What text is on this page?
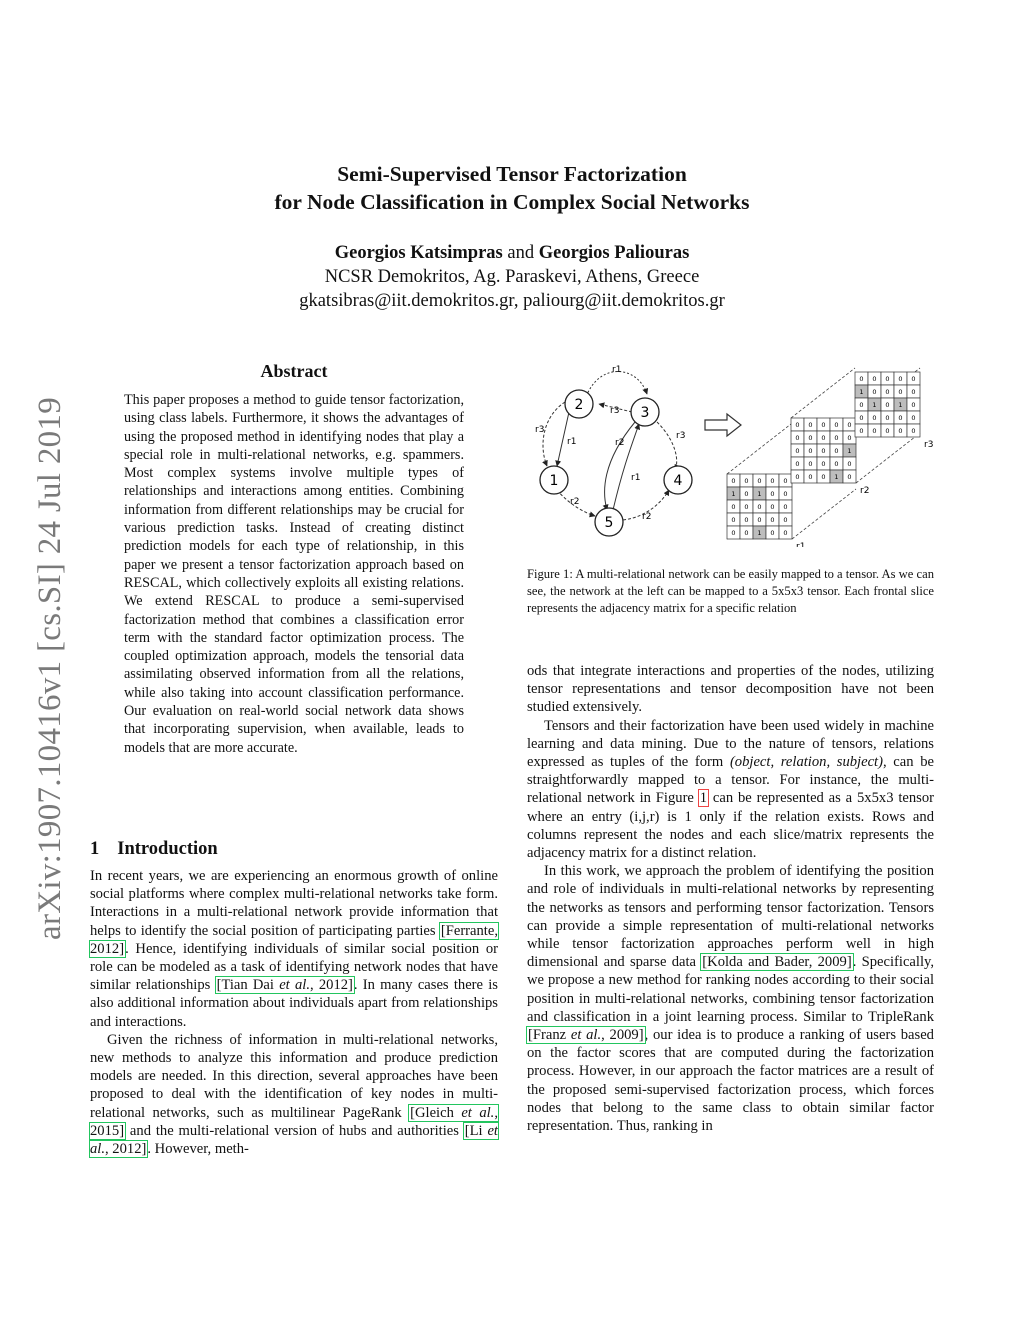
Semi-Supervised Tensor Factorization
for Node Classification in Complex Social Networks
Georgios Katsimpras and Georgios Paliouras
NCSR Demokritos, Ag. Paraskevi, Athens, Greece
gkatsibras@iit.demokritos.gr, paliourg@iit.demokritos.gr
arXiv:1907.10416v1 [cs.SI] 24 Jul 2019
Abstract
This paper proposes a method to guide tensor factorization, using class labels. Furthermore, it shows the advantages of using the proposed method in identifying nodes that play a special role in multi-relational networks, e.g. spammers. Most complex systems involve multiple types of relationships and interactions among entities. Combining information from different relationships may be crucial for various prediction tasks. Instead of creating distinct prediction models for each type of relationship, in this paper we present a tensor factorization approach based on RESCAL, which collectively exploits all existing relations. We extend RESCAL to produce a semi-supervised factorization method that combines a classification error term with the standard factor optimization process. The coupled optimization approach, models the tensorial data assimilating observed information from all the relations, while also taking into account classification performance. Our evaluation on real-world social network data shows that incorporating supervision, when available, leads to models that are more accurate.
1 Introduction

In recent years, we are experiencing an enormous growth of online social platforms where complex multi-relational networks take form. Interactions in a multi-relational network provide information that helps to identify the social position of participating parties [Ferrante, 2012]. Hence, identifying individuals of similar social position or role can be modeled as a task of identifying network nodes that have similar relationships [Tian Dai et al., 2012]. In many cases there is also additional information about individuals apart from relationships and interactions.

Given the richness of information in multi-relational networks, new methods to analyze this information and produce prediction models are needed. In this direction, several approaches have been proposed to deal with the identification of key nodes in multi-relational networks, such as multilinear PageRank [Gleich et al., 2015] and the multi-relational version of hubs and authorities [Li et al., 2012]. However, meth-

r1
r3
r3
r1
r3
r2
r1
r2
r2
2	3
1	4
5
0 0 0 0 0
1 0 1 0 0
0 0 0 0 0
0 0 0 0 0
0 0 1 0 0
r1
0 0 0 0 0
0 0 0 0 0
0 0 0 0 1
0 0 0 0 0
0 0 0 1 0
r2
0 0 0 0 0
1 0 0 0 0
0 1 0 1 0
0 0 0 0 0
0 0 0 0 0
r3
Figure 1: A multi-relational network can be easily mapped to a tensor. As we can see, the network at the left can be mapped to a 5x5x3 tensor. Each frontal slice represents the adjacency matrix for a specific relation

ods that integrate interactions and properties of the nodes, utilizing tensor representations and tensor decomposition have not been studied extensively.

Tensors and their factorization have been used widely in machine learning and data mining. Due to the nature of tensors, relations expressed as tuples of the form (object, relation, subject), can be straightforwardly mapped to a tensor. For instance, the multi-relational network in Figure 1 can be represented as a 5x5x3 tensor where an entry (i,j,r) is 1 only if the relation exists. Rows and columns represent the nodes and each slice/matrix represents the adjacency matrix for a distinct relation.

In this work, we approach the problem of identifying the position and role of individuals in multi-relational networks by representing the networks as tensors and performing tensor factorization. Tensors can provide a simple representation of multi-relational networks while tensor factorization approaches perform well in high dimensional and sparse data [Kolda and Bader, 2009]. Specifically, we propose a new method for ranking nodes according to their social position in multi-relational networks, combining tensor factorization and classification in a joint learning process. Similar to TripleRank [Franz et al., 2009], our idea is to produce a ranking of users based on the factor scores that are computed during the factorization process. However, in our approach the factor matrices are a result of the proposed semi-supervised factorization process, which forces nodes that belong to the same class to obtain similar factor representation. Thus, ranking in
